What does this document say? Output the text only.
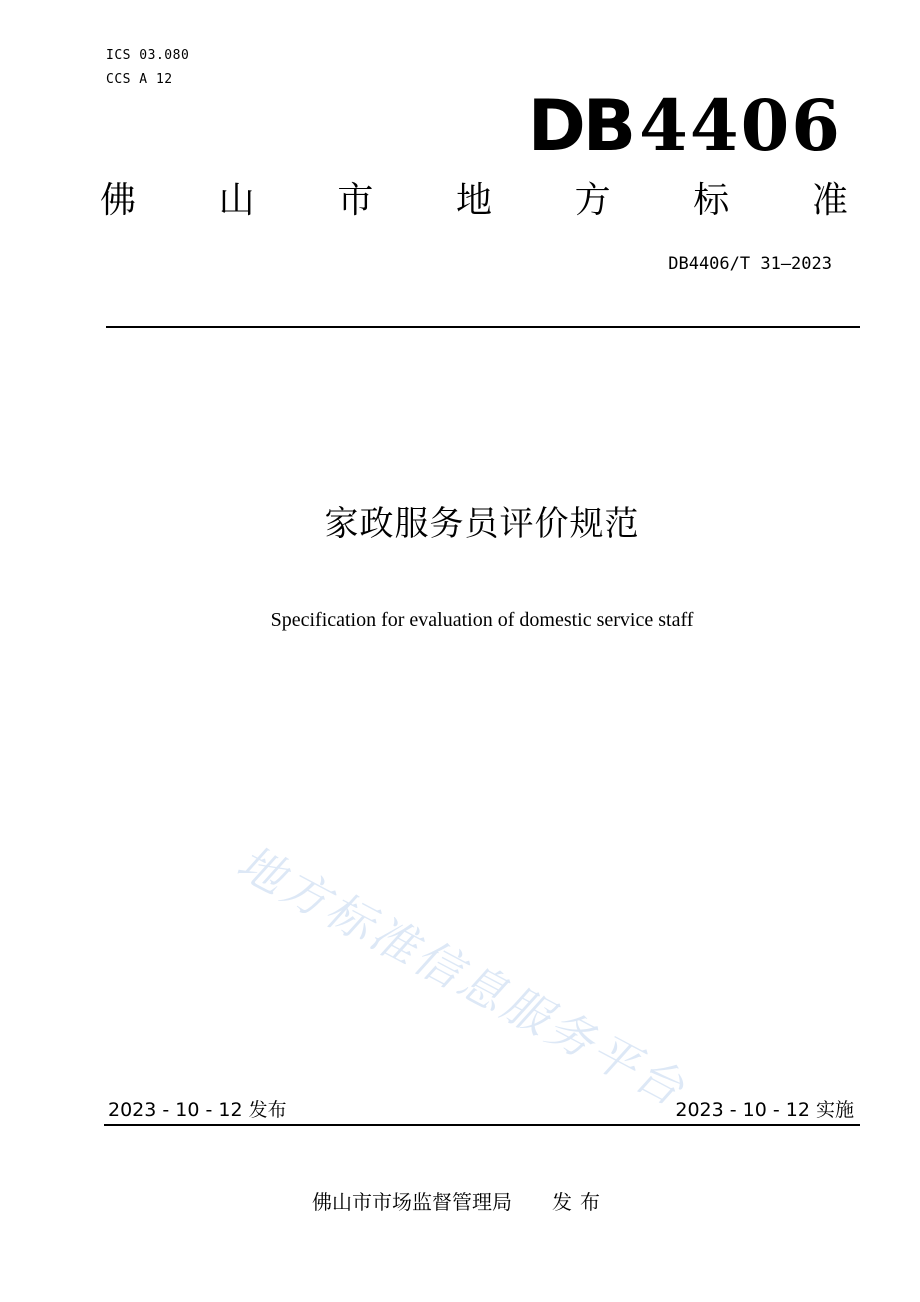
ICS 03.080
CCS A 12
DB4406
佛 山 市 地 方 标 准
DB4406/T 31—2023
家政服务员评价规范
Specification for evaluation of domestic service staff
地方标准信息服务平台
2023 - 10 - 12 发布	2023 - 10 - 12 实施
佛山市市场监督管理局 发布
